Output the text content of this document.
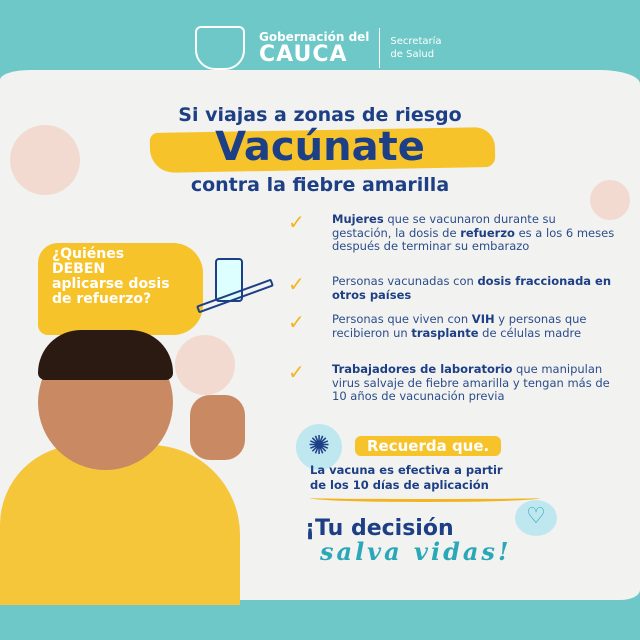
Gobernación del
CAUCA	Secretaría
de Salud
Si viajas a zonas de riesgo
Vacúnate
contra la fiebre amarilla
✓	Mujeres que se vacunaron durante su gestación, la dosis de refuerzo es a los 6 meses después de terminar su embarazo
✓	Personas vacunadas con dosis fraccionada en otros países
✓	Personas que viven con VIH y personas que recibieron un trasplante de células madre
✓	Trabajadores de laboratorio que manipulan virus salvaje de fiebre amarilla y tengan más de 10 años de vacunación previa
¿Quiénes DEBEN aplicarse dosis de refuerzo?
✺	Recuerda que.
La vacuna es efectiva a partir
de los 10 días de aplicación
¡Tu decisión	♡
salva vidas!
